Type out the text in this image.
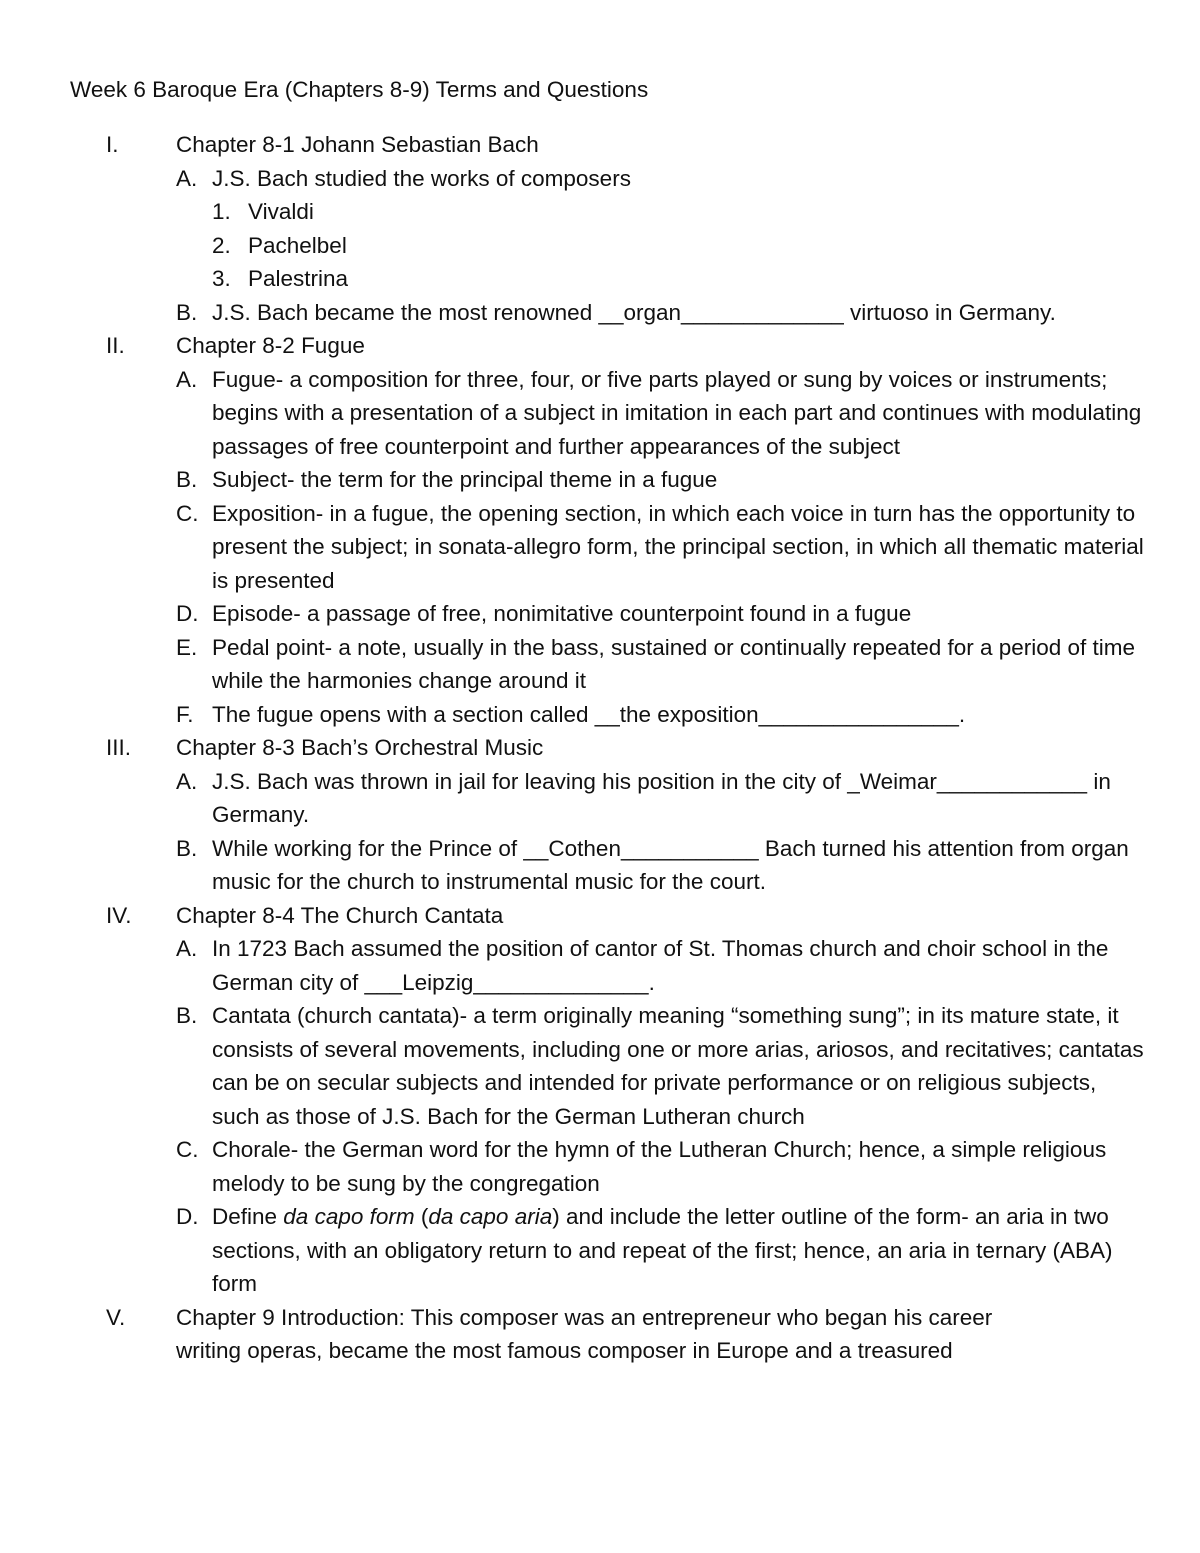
Week 6 Baroque Era (Chapters 8-9) Terms and Questions
I.	Chapter 8-1 Johann Sebastian Bach
A. J.S. Bach studied the works of composers
1. Vivaldi
2. Pachelbel
3. Palestrina
B. J.S. Bach became the most renowned __organ_____________ virtuoso in Germany.
II. Chapter 8-2 Fugue
A. Fugue- a composition for three, four, or five parts played or sung by voices or instruments; begins with a presentation of a subject in imitation in each part and continues with modulating passages of free counterpoint and further appearances of the subject
B. Subject- the term for the principal theme in a fugue
C. Exposition- in a fugue, the opening section, in which each voice in turn has the opportunity to present the subject; in sonata-allegro form, the principal section, in which all thematic material is presented
D. Episode- a passage of free, nonimitative counterpoint found in a fugue
E. Pedal point- a note, usually in the bass, sustained or continually repeated for a period of time while the harmonies change around it
F. The fugue opens with a section called __the exposition________________.
III. Chapter 8-3 Bach’s Orchestral Music
A. J.S. Bach was thrown in jail for leaving his position in the city of _Weimar____________ in Germany.
B. While working for the Prince of __Cothen___________ Bach turned his attention from organ music for the church to instrumental music for the court.
IV. Chapter 8-4 The Church Cantata
A. In 1723 Bach assumed the position of cantor of St. Thomas church and choir school in the German city of ___Leipzig______________.
B. Cantata (church cantata)- a term originally meaning “something sung”; in its mature state, it consists of several movements, including one or more arias, ariosos, and recitatives; cantatas can be on secular subjects and intended for private performance or on religious subjects, such as those of J.S. Bach for the German Lutheran church
C. Chorale- the German word for the hymn of the Lutheran Church; hence, a simple religious melody to be sung by the congregation
D. Define da capo form (da capo aria) and include the letter outline of the form- an aria in two sections, with an obligatory return to and repeat of the first; hence, an aria in ternary (ABA) form
V. Chapter 9 Introduction: This composer was an entrepreneur who began his career
writing operas, became the most famous composer in Europe and a treasured
